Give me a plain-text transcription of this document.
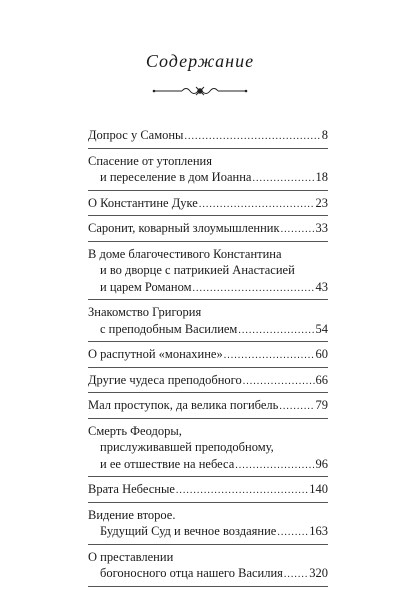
Содержание
Допрос у Самоны .....	8
Спасение от утопления
и переселение в дом Иоанна .....	18
О Константине Дуке .....	23
Саронит, коварный злоумышленник .....	33
В доме благочестивого Константина
и во дворце с патрикией Анастасией
и царем Романом .....	43
Знакомство Григория
с преподобным Василием .....	54
О распутной «монахине» .....	60
Другие чудеса преподобного .....	66
Мал проступок, да велика погибель .....	79
Смерть Феодоры,
прислуживавшей преподобному,
и ее отшествие на небеса .....	96
Врата Небесные .....	140
Видение второе.
Будущий Суд и вечное воздаяние .....	163
О преставлении
богоносного отца нашего Василия ..... 320
